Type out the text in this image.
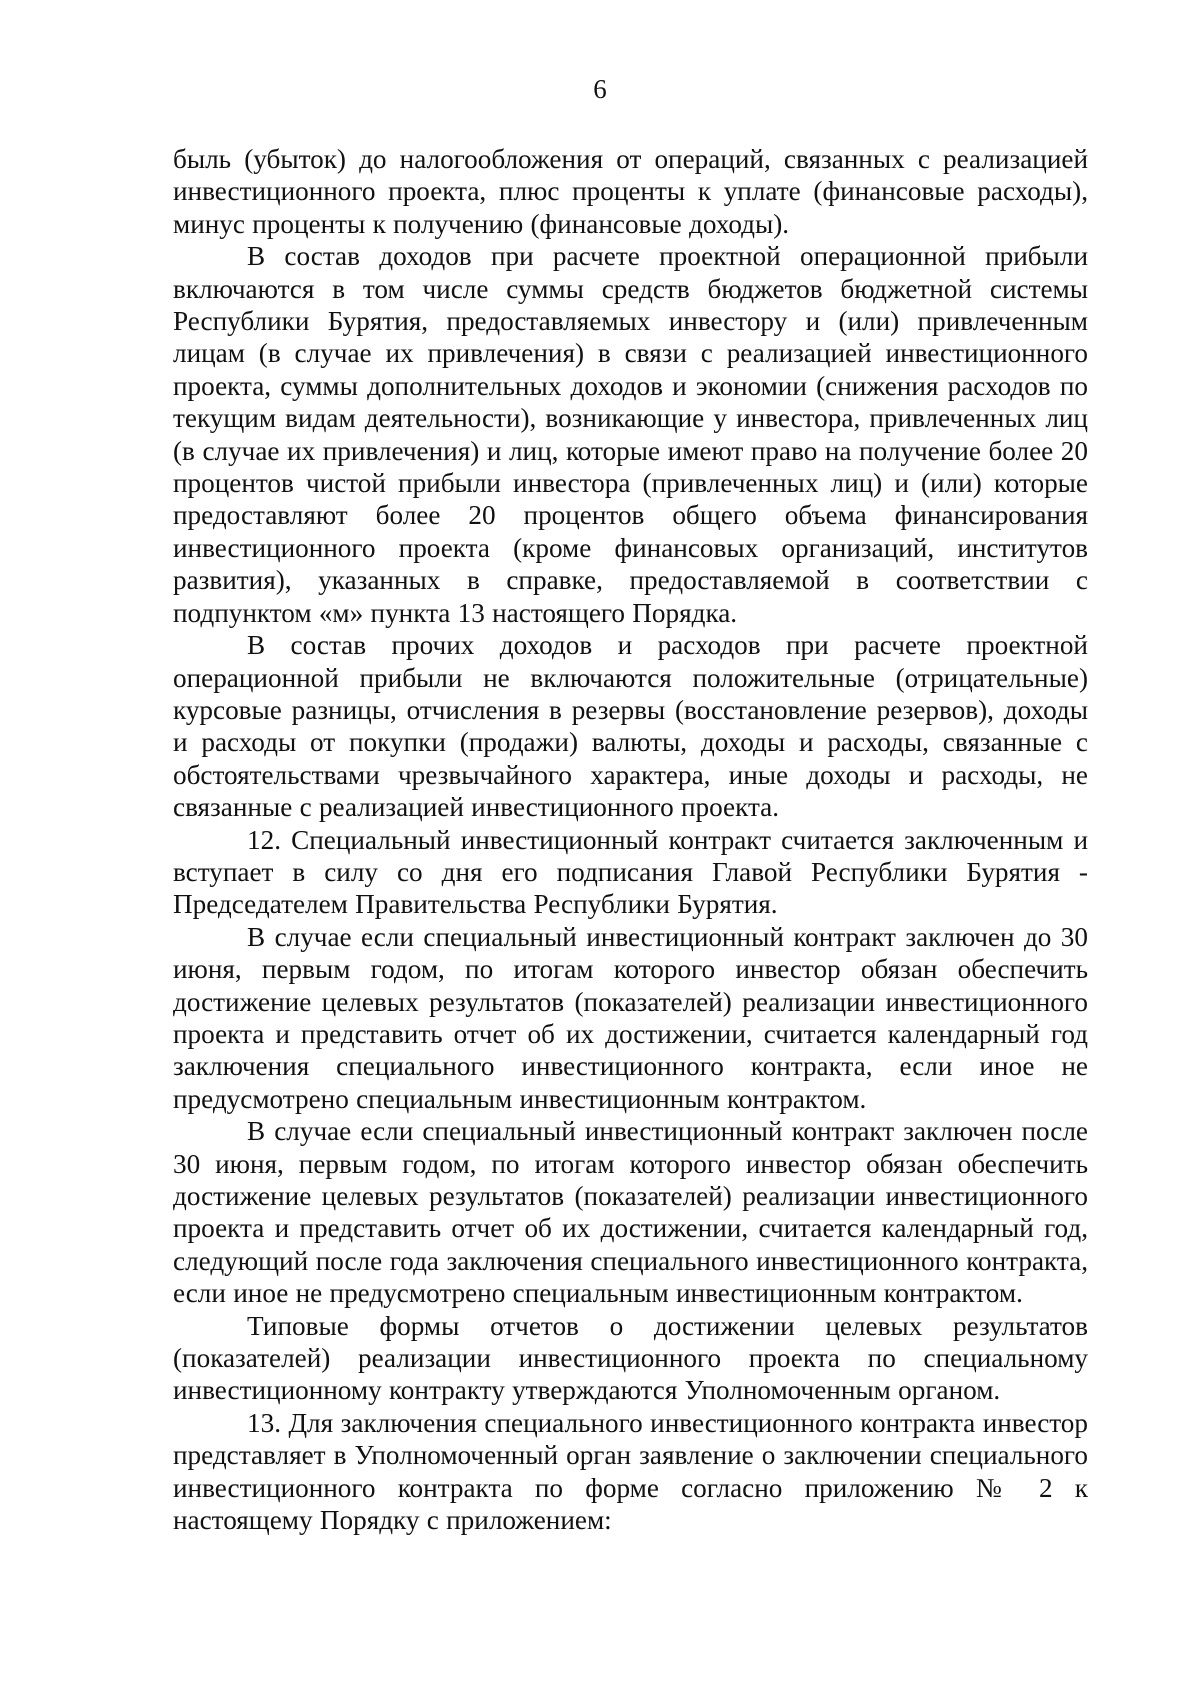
6

быль (убыток) до налогообложения от операций, связанных с реализацией инвестиционного проекта, плюс проценты к уплате (финансовые расходы), минус проценты к получению (финансовые доходы).

В состав доходов при расчете проектной операционной прибыли включаются в том числе суммы средств бюджетов бюджетной системы Республики Бурятия, предоставляемых инвестору и (или) привлеченным лицам (в случае их привлечения) в связи с реализацией инвестиционного проекта, суммы дополнительных доходов и экономии (снижения расходов по текущим видам деятельности), возникающие у инвестора, привлеченных лиц (в случае их привлечения) и лиц, которые имеют право на получение более 20 процентов чистой прибыли инвестора (привлеченных лиц) и (или) которые предоставляют более 20 процентов общего объема финансирования инвестиционного проекта (кроме финансовых организаций, институтов развития), указанных в справке, предоставляемой в соответствии с подпунктом «м» пункта 13 настоящего Порядка.

В состав прочих доходов и расходов при расчете проектной операционной прибыли не включаются положительные (отрицательные) курсовые разницы, отчисления в резервы (восстановление резервов), доходы и расходы от покупки (продажи) валюты, доходы и расходы, связанные с обстоятельствами чрезвычайного характера, иные доходы и расходы, не связанные с реализацией инвестиционного проекта.

12. Специальный инвестиционный контракт считается заключенным и вступает в силу со дня его подписания Главой Республики Бурятия - Председателем Правительства Республики Бурятия.

В случае если специальный инвестиционный контракт заключен до 30 июня, первым годом, по итогам которого инвестор обязан обеспечить достижение целевых результатов (показателей) реализации инвестиционного проекта и представить отчет об их достижении, считается календарный год заключения специального инвестиционного контракта, если иное не предусмотрено специальным инвестиционным контрактом.

В случае если специальный инвестиционный контракт заключен после 30 июня, первым годом, по итогам которого инвестор обязан обеспечить достижение целевых результатов (показателей) реализации инвестиционного проекта и представить отчет об их достижении, считается календарный год, следующий после года заключения специального инвестиционного контракта, если иное не предусмотрено специальным инвестиционным контрактом.

Типовые формы отчетов о достижении целевых результатов (показателей) реализации инвестиционного проекта по специальному инвестиционному контракту утверждаются Уполномоченным органом.

13. Для заключения специального инвестиционного контракта инвестор представляет в Уполномоченный орган заявление о заключении специального инвестиционного контракта по форме согласно приложению № 2 к настоящему Порядку с приложением:
